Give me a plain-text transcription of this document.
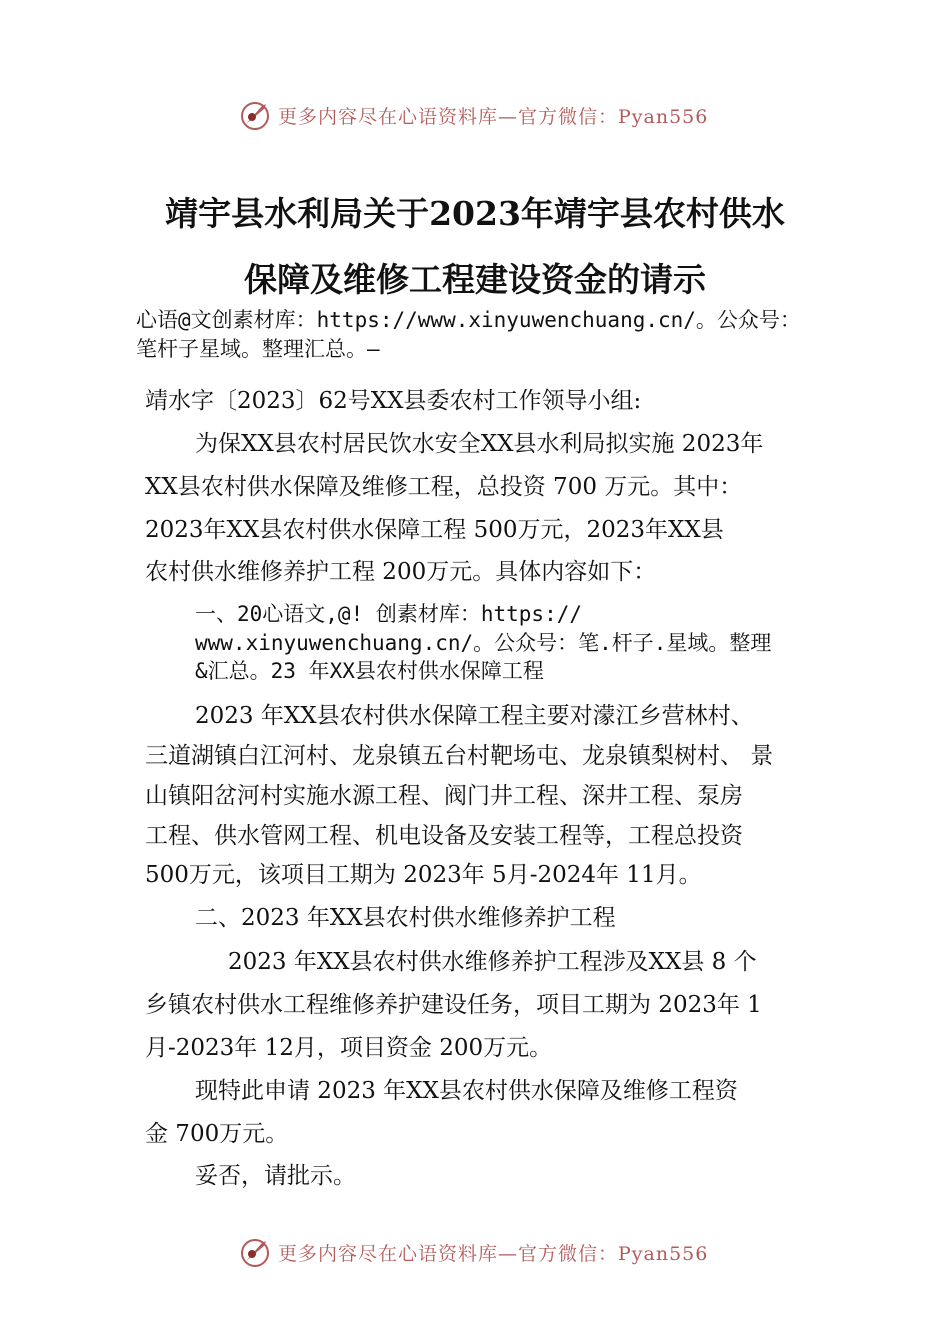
更多内容尽在心语资料库—官方微信：Pyan556
靖宇县水利局关于2023年靖宇县农村供水
保障及维修工程建设资金的请示
心语@文创素材库：https://www.xinyuwenchuang.cn/。公众号：
笔杆子星域。整理汇总。—
靖水字〔2023〕62号XX县委农村工作领导小组:
为保XX县农村居民饮水安全XX县水利局拟实施 2023年
XX县农村供水保障及维修工程，总投资 700 万元。其中：
2023年XX县农村供水保障工程 500万元，2023年XX县
农村供水维修养护工程 200万元。具体内容如下：
一、20心语文,@! 创素材库：https://
www.xinyuwenchuang.cn/。公众号：笔.杆子.星域。整理
&汇总。23 年XX县农村供水保障工程
2023 年XX县农村供水保障工程主要对濛江乡营林村、
三道湖镇白江河村、龙泉镇五台村靶场屯、龙泉镇梨树村、 景
山镇阳岔河村实施水源工程、阀门井工程、深井工程、泵房
工程、供水管网工程、机电设备及安装工程等，工程总投资
500万元，该项目工期为 2023年 5月-2024年 11月。
二、2023 年XX县农村供水维修养护工程
2023 年XX县农村供水维修养护工程涉及XX县 8 个
乡镇农村供水工程维修养护建设任务，项目工期为 2023年 1
月-2023年 12月，项目资金 200万元。
现特此申请 2023 年XX县农村供水保障及维修工程资
金 700万元。
妥否，请批示。
更多内容尽在心语资料库—官方微信：Pyan556
